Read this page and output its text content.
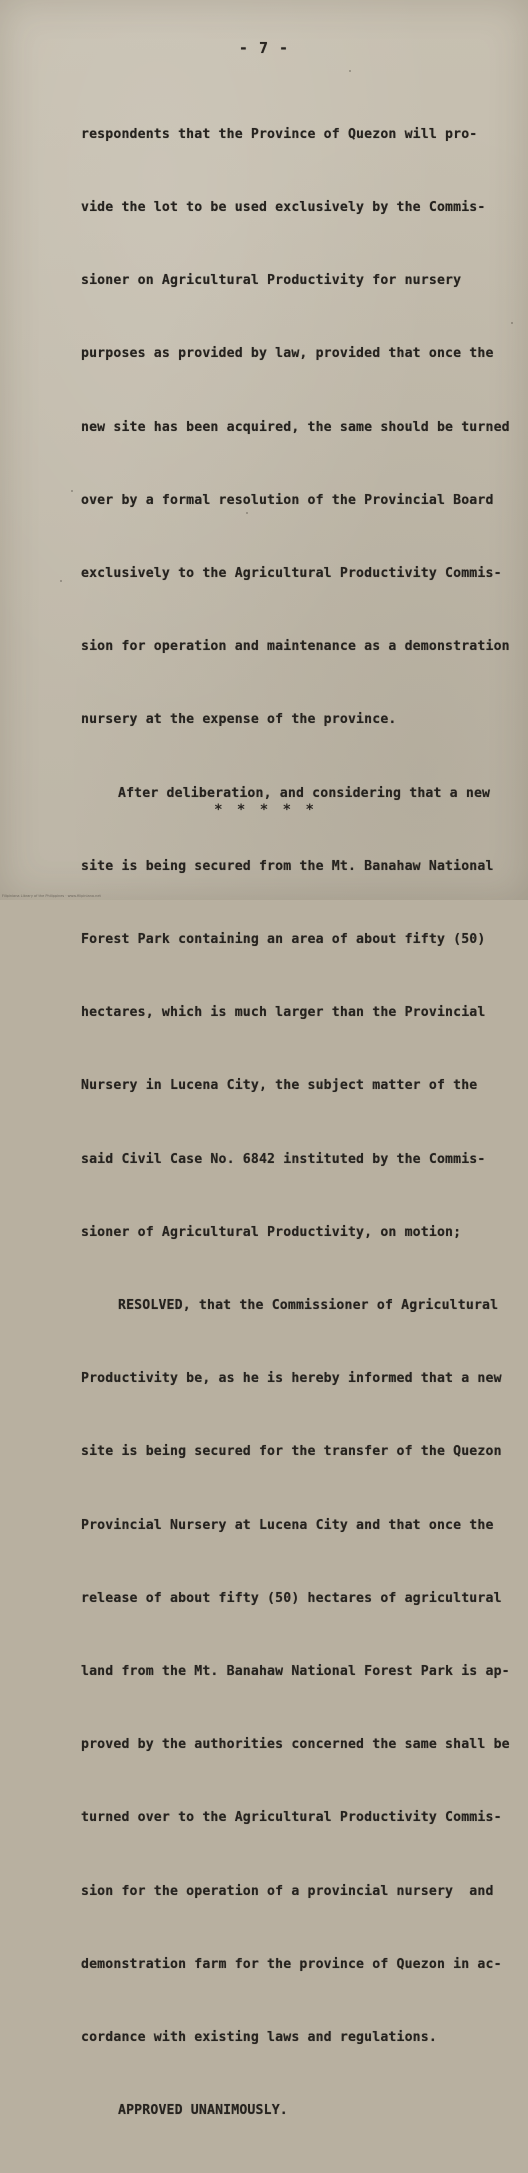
- 7 -

respondents that the Province of Quezon will pro-

vide the lot to be used exclusively by the Commis-

sioner on Agricultural Productivity for nursery

purposes as provided by law, provided that once the

new site has been acquired, the same should be turned

over by a formal resolution of the Provincial Board

exclusively to the Agricultural Productivity Commis-

sion for operation and maintenance as a demonstration

nursery at the expense of the province.

After deliberation, and considering that a new

site is being secured from the Mt. Banahaw National

Forest Park containing an area of about fifty (50)

hectares, which is much larger than the Provincial

Nursery in Lucena City, the subject matter of the

said Civil Case No. 6842 instituted by the Commis-

sioner of Agricultural Productivity, on motion;

RESOLVED, that the Commissioner of Agricultural

Productivity be, as he is hereby informed that a new

site is being secured for the transfer of the Quezon

Provincial Nursery at Lucena City and that once the

release of about fifty (50) hectares of agricultural

land from the Mt. Banahaw National Forest Park is ap-

proved by the authorities concerned the same shall be

turned over to the Agricultural Productivity Commis-

sion for the operation of a provincial nursery  and

demonstration farm for the province of Quezon in ac-

cordance with existing laws and regulations.

APPROVED UNANIMOUSLY.

* * * * *
Filipiniana Library of the Philippines · www.filipiniana.net
